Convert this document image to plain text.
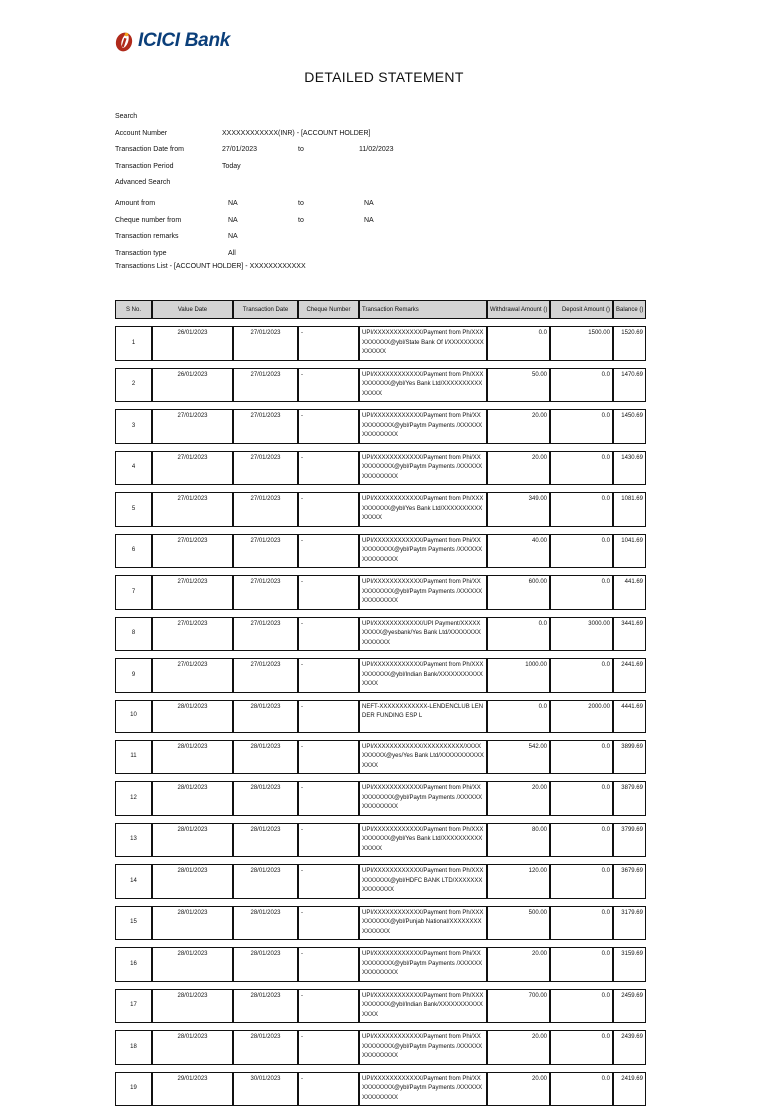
ICICI Bank
DETAILED STATEMENT
Search
Account Number	XXXXXXXXXXXX(INR) - [ACCOUNT HOLDER]
Transaction Date from	27/01/2023	to	11/02/2023
Transaction Period	Today
Advanced Search
Amount from	NA	to	NA
Cheque number from	NA	to	NA
Transaction remarks	NA
Transaction type	All
Transactions List - [ACCOUNT HOLDER] - XXXXXXXXXXXX
S No.	Value Date	Transaction Date	Cheque Number	Transaction Remarks	Withdrawal Amount ()	Deposit Amount ()	Balance ()

1	26/01/2023	27/01/2023	-	UPI/XXXXXXXXXXXX/Payment from Ph/XXXXXXXXXX@ybl/State Bank Of I/XXXXXXXXXXXXXXX	0.0	1500.00	1520.69

2	26/01/2023	27/01/2023	-	UPI/XXXXXXXXXXXX/Payment from Ph/XXXXXXXXXX@ybl/Yes Bank Ltd/XXXXXXXXXXXXXXX	50.00	0.0	1470.69

3	27/01/2023	27/01/2023	-	UPI/XXXXXXXXXXXX/Payment from Phi/XXXXXXXXXX@ybl/Paytm Payments /XXXXXXXXXXXXXXX	20.00	0.0	1450.69

4	27/01/2023	27/01/2023	-	UPI/XXXXXXXXXXXX/Payment from Phi/XXXXXXXXXX@ybl/Paytm Payments /XXXXXXXXXXXXXXX	20.00	0.0	1430.69

5	27/01/2023	27/01/2023	-	UPI/XXXXXXXXXXXX/Payment from Ph/XXXXXXXXXX@ybl/Yes Bank Ltd/XXXXXXXXXXXXXXX	349.00	0.0	1081.69

6	27/01/2023	27/01/2023	-	UPI/XXXXXXXXXXXX/Payment from Phi/XXXXXXXXXX@ybl/Paytm Payments /XXXXXXXXXXXXXXX	40.00	0.0	1041.69

7	27/01/2023	27/01/2023	-	UPI/XXXXXXXXXXXX/Payment from Phi/XXXXXXXXXX@ybl/Paytm Payments /XXXXXXXXXXXXXXX	600.00	0.0	441.69

8	27/01/2023	27/01/2023	-	UPI/XXXXXXXXXXXX/UPI Payment/XXXXXXXXXX@yesbank/Yes Bank Ltd/XXXXXXXXXXXXXXX	0.0	3000.00	3441.69

9	27/01/2023	27/01/2023	-	UPI/XXXXXXXXXXXX/Payment from Ph/XXXXXXXXXX@ybl/Indian Bank/XXXXXXXXXXXXXXX	1000.00	0.0	2441.69

10	28/01/2023	28/01/2023	-	NEFT-XXXXXXXXXXXX-LENDENCLUB LENDER FUNDING ESP L	0.0	2000.00	4441.69

11	28/01/2023	28/01/2023	-	UPI/XXXXXXXXXXXX/XXXXXXXXXX/XXXXXXXXXX@yes/Yes Bank Ltd/XXXXXXXXXXXXXXX	542.00	0.0	3899.69

12	28/01/2023	28/01/2023	-	UPI/XXXXXXXXXXXX/Payment from Phi/XXXXXXXXXX@ybl/Paytm Payments /XXXXXXXXXXXXXXX	20.00	0.0	3879.69

13	28/01/2023	28/01/2023	-	UPI/XXXXXXXXXXXX/Payment from Ph/XXXXXXXXXX@ybl/Yes Bank Ltd/XXXXXXXXXXXXXXX	80.00	0.0	3799.69

14	28/01/2023	28/01/2023	-	UPI/XXXXXXXXXXXX/Payment from Ph/XXXXXXXXXX@ybl/HDFC BANK LTD/XXXXXXXXXXXXXXX	120.00	0.0	3679.69

15	28/01/2023	28/01/2023	-	UPI/XXXXXXXXXXXX/Payment from Ph/XXXXXXXXXX@ybl/Punjab National/XXXXXXXXXXXXXXX	500.00	0.0	3179.69

16	28/01/2023	28/01/2023	-	UPI/XXXXXXXXXXXX/Payment from Phi/XXXXXXXXXX@ybl/Paytm Payments /XXXXXXXXXXXXXXX	20.00	0.0	3159.69

17	28/01/2023	28/01/2023	-	UPI/XXXXXXXXXXXX/Payment from Ph/XXXXXXXXXX@ybl/Indian Bank/XXXXXXXXXXXXXXX	700.00	0.0	2459.69

18	28/01/2023	28/01/2023	-	UPI/XXXXXXXXXXXX/Payment from Phi/XXXXXXXXXX@ybl/Paytm Payments /XXXXXXXXXXXXXXX	20.00	0.0	2439.69

19	29/01/2023	30/01/2023	-	UPI/XXXXXXXXXXXX/Payment from Phi/XXXXXXXXXX@ybl/Paytm Payments /XXXXXXXXXXXXXXX	20.00	0.0	2419.69
